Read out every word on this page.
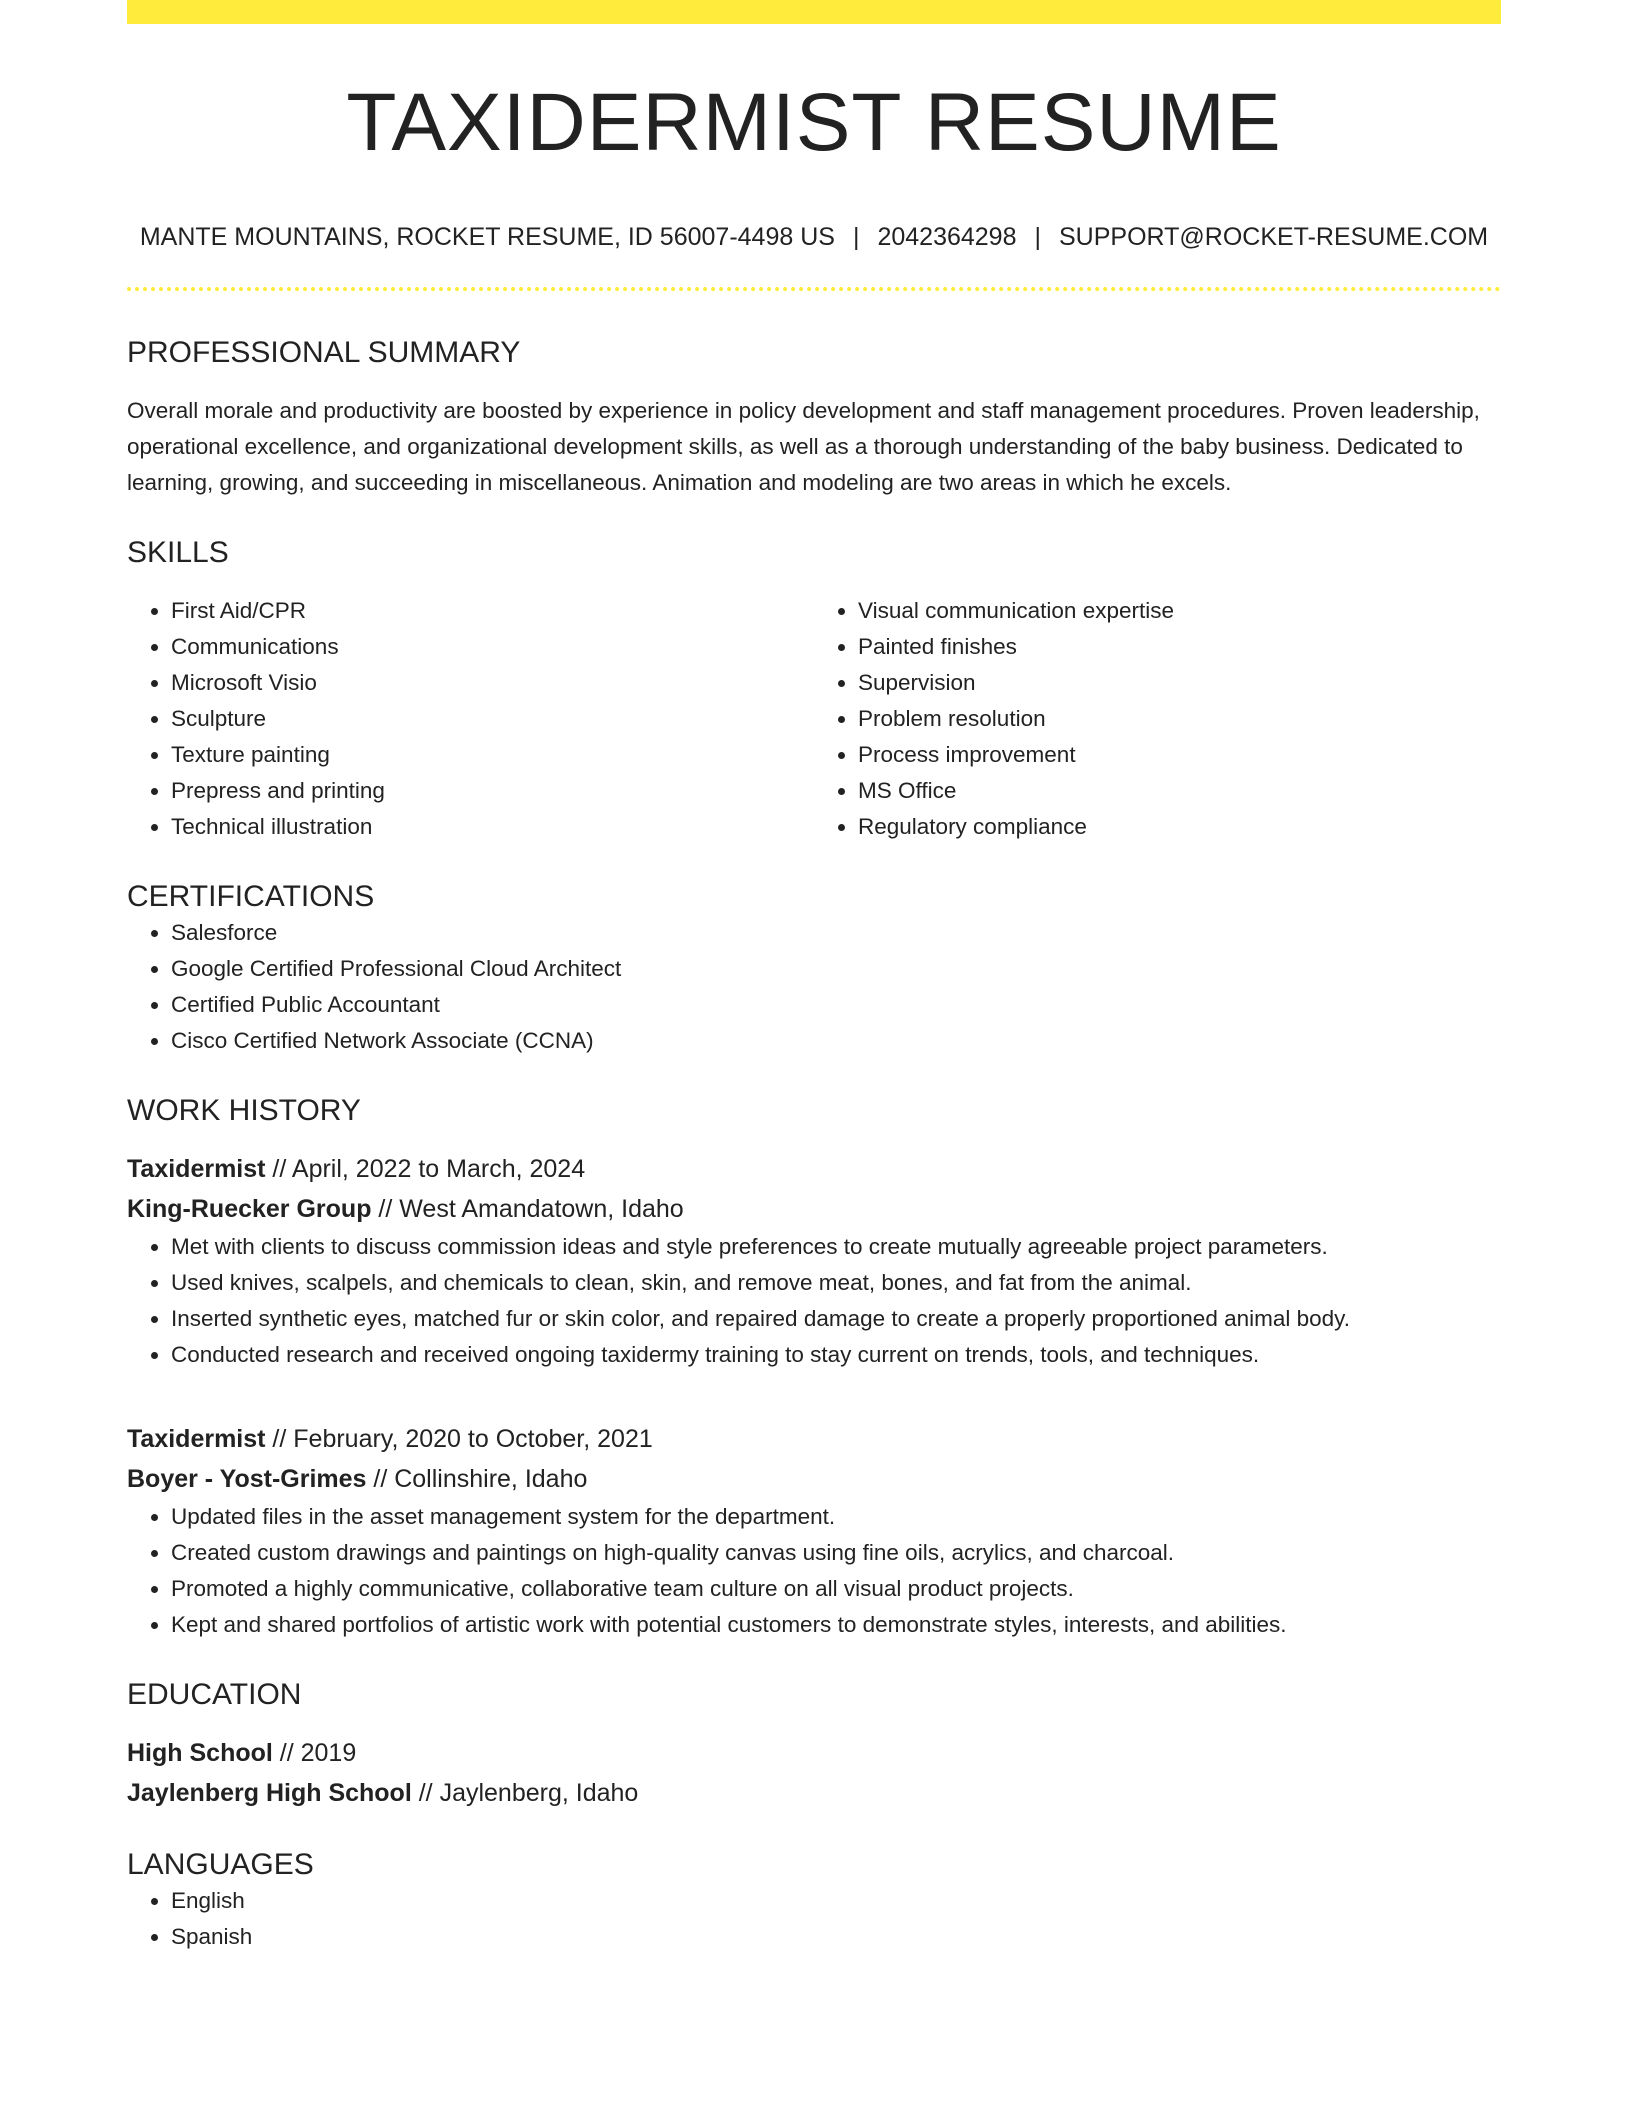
TAXIDERMIST RESUME
MANTE MOUNTAINS, ROCKET RESUME, ID 56007-4498 US | 2042364298 | SUPPORT@ROCKET-RESUME.COM
PROFESSIONAL SUMMARY

Overall morale and productivity are boosted by experience in policy development and staff management procedures. Proven leadership, operational excellence, and organizational development skills, as well as a thorough understanding of the baby business. Dedicated to learning, growing, and succeeding in miscellaneous. Animation and modeling are two areas in which he excels.

SKILLS
• First Aid/CPR
• Communications
• Microsoft Visio
• Sculpture
• Texture painting
• Prepress and printing
• Technical illustration
• Visual communication expertise
• Painted finishes
• Supervision
• Problem resolution
• Process improvement
• MS Office
• Regulatory compliance
CERTIFICATIONS
• Salesforce
• Google Certified Professional Cloud Architect
• Certified Public Accountant
• Cisco Certified Network Associate (CCNA)
WORK HISTORY
Taxidermist // April, 2022 to March, 2024
King-Ruecker Group // West Amandatown, Idaho
• Met with clients to discuss commission ideas and style preferences to create mutually agreeable project parameters.
• Used knives, scalpels, and chemicals to clean, skin, and remove meat, bones, and fat from the animal.
• Inserted synthetic eyes, matched fur or skin color, and repaired damage to create a properly proportioned animal body.
• Conducted research and received ongoing taxidermy training to stay current on trends, tools, and techniques.
Taxidermist // February, 2020 to October, 2021
Boyer - Yost-Grimes // Collinshire, Idaho
• Updated files in the asset management system for the department.
• Created custom drawings and paintings on high-quality canvas using fine oils, acrylics, and charcoal.
• Promoted a highly communicative, collaborative team culture on all visual product projects.
• Kept and shared portfolios of artistic work with potential customers to demonstrate styles, interests, and abilities.
EDUCATION
High School // 2019
Jaylenberg High School // Jaylenberg, Idaho
LANGUAGES
• English
• Spanish
